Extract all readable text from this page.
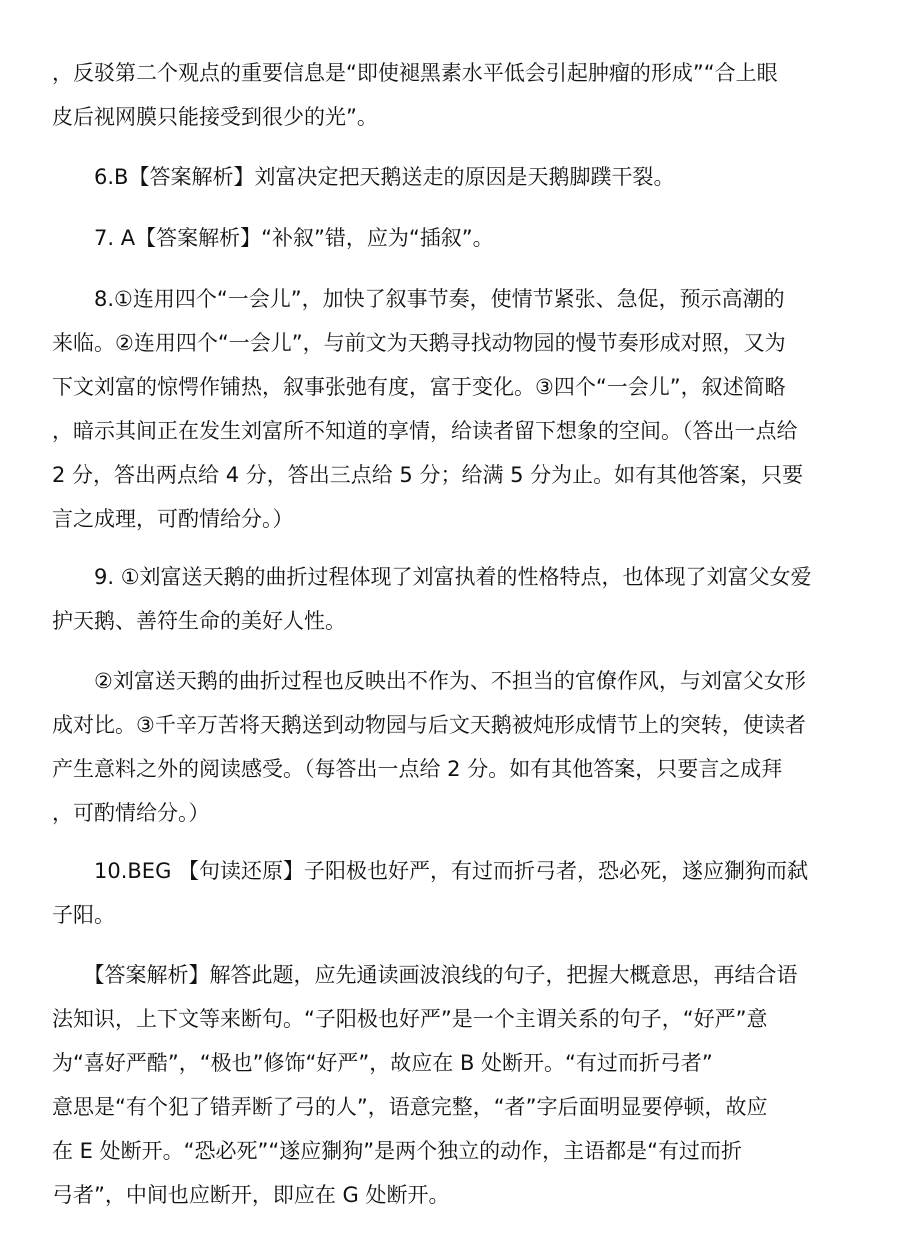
，反驳第二个观点的重要信息是“即使褪黑素水平低会引起肿瘤的形成”“合上眼
皮后视网膜只能接受到很少的光”。
　　6.B【答案解析】刘富决定把天鹅送走的原因是天鹅脚蹼干裂。
　　7. A【答案解析】“补叙”错，应为“插叙”。
　　8.①连用四个“一会儿”，加快了叙事节奏，使情节紧张、急促，预示高潮的
来临。②连用四个“一会儿”，与前文为天鹅寻找动物园的慢节奏形成对照，又为
下文刘富的惊愕作铺热，叙事张弛有度，富于变化。③四个“一会儿”，叙述简略
，暗示其间正在发生刘富所不知道的享情，给读者留下想象的空间。（答出一点给
2 分，答出两点给 4 分，答出三点给 5 分；给满 5 分为止。如有其他答案，只要
言之成理，可酌情给分。）
　　9. ①刘富送天鹅的曲折过程体现了刘富执着的性格特点，也体现了刘富父女爱
护天鹅、善符生命的美好人性。
　　②刘富送天鹅的曲折过程也反映出不作为、不担当的官僚作风，与刘富父女形
成对比。③千辛万苦将天鹅送到动物园与后文天鹅被炖形成情节上的突转，使读者
产生意料之外的阅读感受。（每答出一点给 2 分。如有其他答案，只要言之成拜
，可酌情给分。）
　　10.BEG 【句读还原】子阳极也好严，有过而折弓者，恐必死，遂应猘狗而弑
子阳。
　　【答案解析】解答此题，应先通读画波浪线的句子，把握大概意思，再结合语
法知识，上下文等来断句。“子阳极也好严”是一个主谓关系的句子，“好严”意
为“喜好严酷”，“极也”修饰“好严”，故应在 B 处断开。“有过而折弓者”
意思是“有个犯了错弄断了弓的人”，语意完整，“者”字后面明显要停顿，故应
在 E 处断开。“恐必死”“遂应猘狗”是两个独立的动作，主语都是“有过而折
弓者”，中间也应断开，即应在 G 处断开。
